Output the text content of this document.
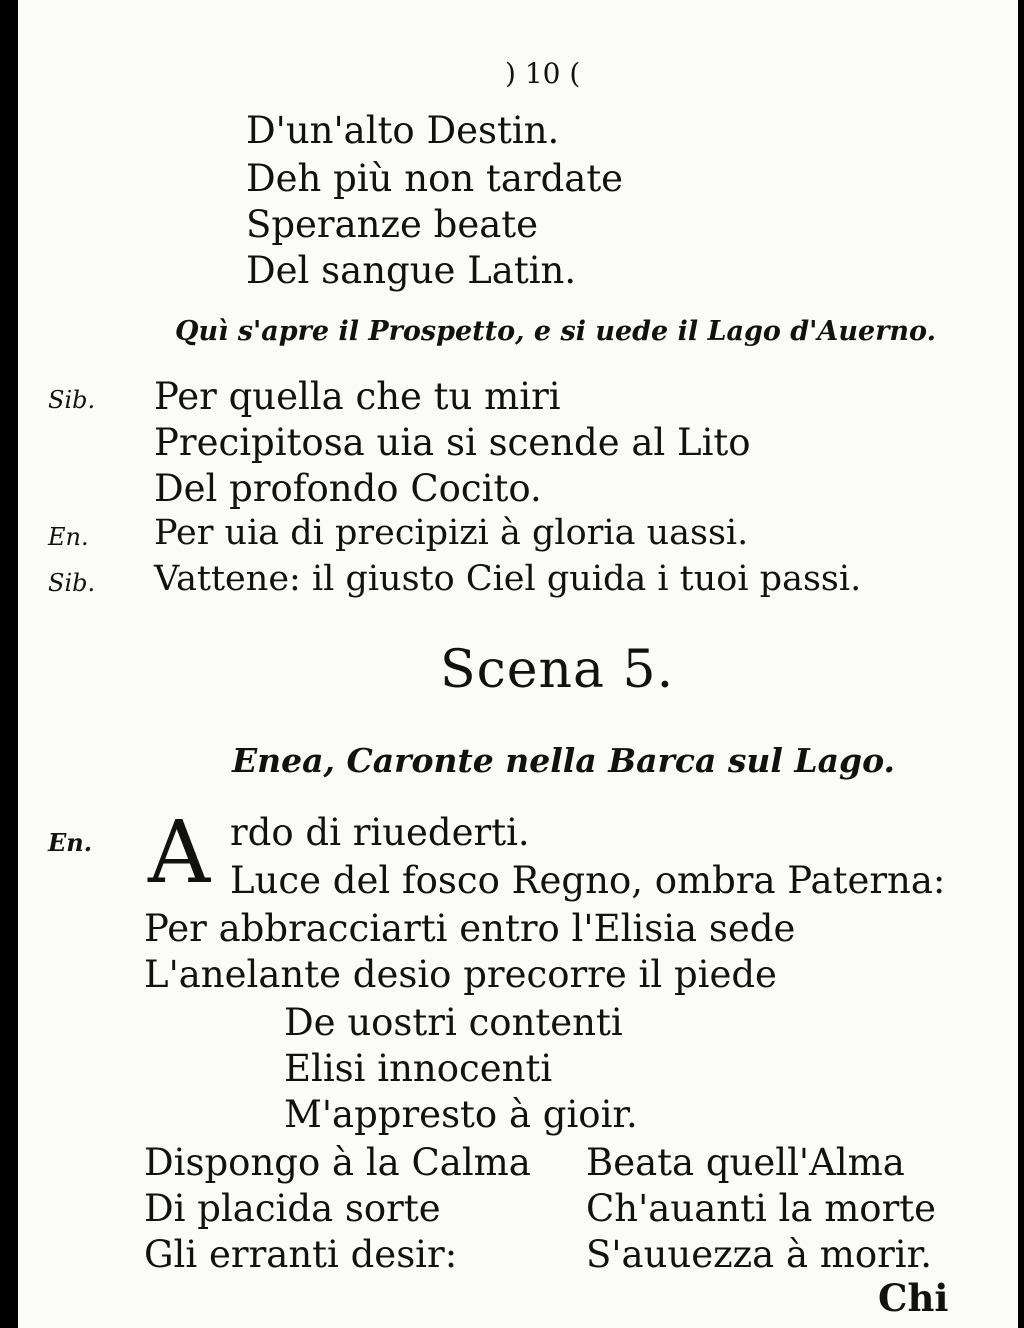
) 10 (
D'un'alto Destin.
Deh più non tardate
Speranze beate
Del sangue Latin.
Quì s'apre il Prospetto, e si uede il Lago d'Auerno.
Sib. Per quella che tu miri
Precipitosa uia si scende al Lito
Del profondo Cocito.
En. Per uia di precipizi à gloria uassi.
Sib. Vattene: il giusto Ciel guida i tuoi passi.
Scena 5.
Enea, Caronte nella Barca sul Lago.
En. A rdo di riuederti.
Luce del fosco Regno, ombra Paterna:
Per abbracciarti entro l'Elisia sede
L'anelante desio precorre il piede
De uostri contenti
Elisi innocenti
M'appresto à gioir.
Dispongo à la Calma
Di placida sorte
Gli erranti desir:
Beata quell'Alma
Ch'auanti la morte
S'auuezza à morir.
Chi
